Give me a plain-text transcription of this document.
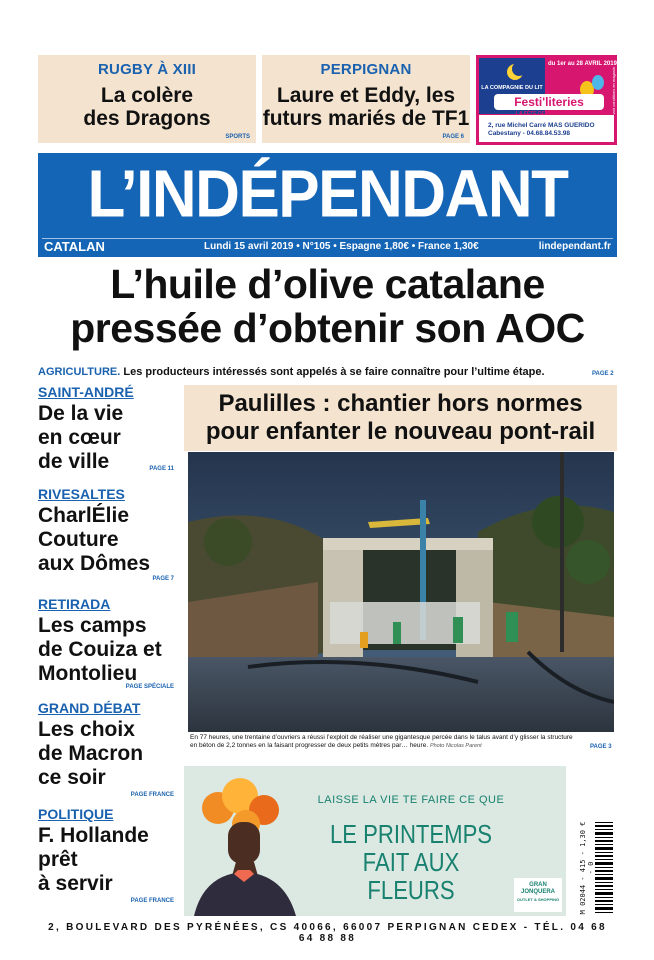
RUGBY À XIII
La colère
des Dragons
SPORTS
PERPIGNAN
Laure et Eddy, les
futurs mariés de TF1
PAGE 6
LA COMPAGNIE DU LIT
du 1er au 28 AVRIL 2019
Festi'literies
LA FÊTE DES PRIX
2, rue Michel Carré MAS GUERIDO
Cabestany - 04.68.84.53.98
* voir conditions en magasin
L’INDÉPENDANT
CATALAN	Lundi 15 avril 2019 • N°105 • Espagne 1,80€ • France 1,30€	lindependant.fr
L’huile d’olive catalane
pressée d’obtenir son AOC
AGRICULTURE. Les producteurs intéressés sont appelés à se faire connaître pour l’ultime étape.	PAGE 2
SAINT-ANDRÉ
De la vie
en cœur
de ville	PAGE 11
RIVESALTES
CharlÉlie
Couture
aux Dômes
PAGE 7
RETIRADA
Les camps
de Couiza et
Montolieu
PAGE SPÉCIALE
GRAND DÉBAT
Les choix
de Macron
ce soir
PAGE FRANCE
POLITIQUE
F. Hollande
prêt
à servir
PAGE FRANCE
Paulilles : chantier hors normes
pour enfanter le nouveau pont-rail
En 77 heures, une trentaine d’ouvriers a réussi l’exploit de réaliser une gigantesque percée dans le talus avant d’y glisser la structure en béton de 2,2 tonnes en la faisant progresser de deux petits mètres par… heure. Photo Nicolas Parent	PAGE 3
LAISSE LA VIE TE FAIRE CE QUE
LE PRINTEMPS
FAIT AUX FLEURS	GRAN
JONQUERA
OUTLET & SHOPPING	M 02044 - 415 - 1,30 € - 0
2, BOULEVARD DES PYRÉNÉES, CS 40066, 66007 PERPIGNAN CEDEX - TÉL. 04 68 64 88 88
